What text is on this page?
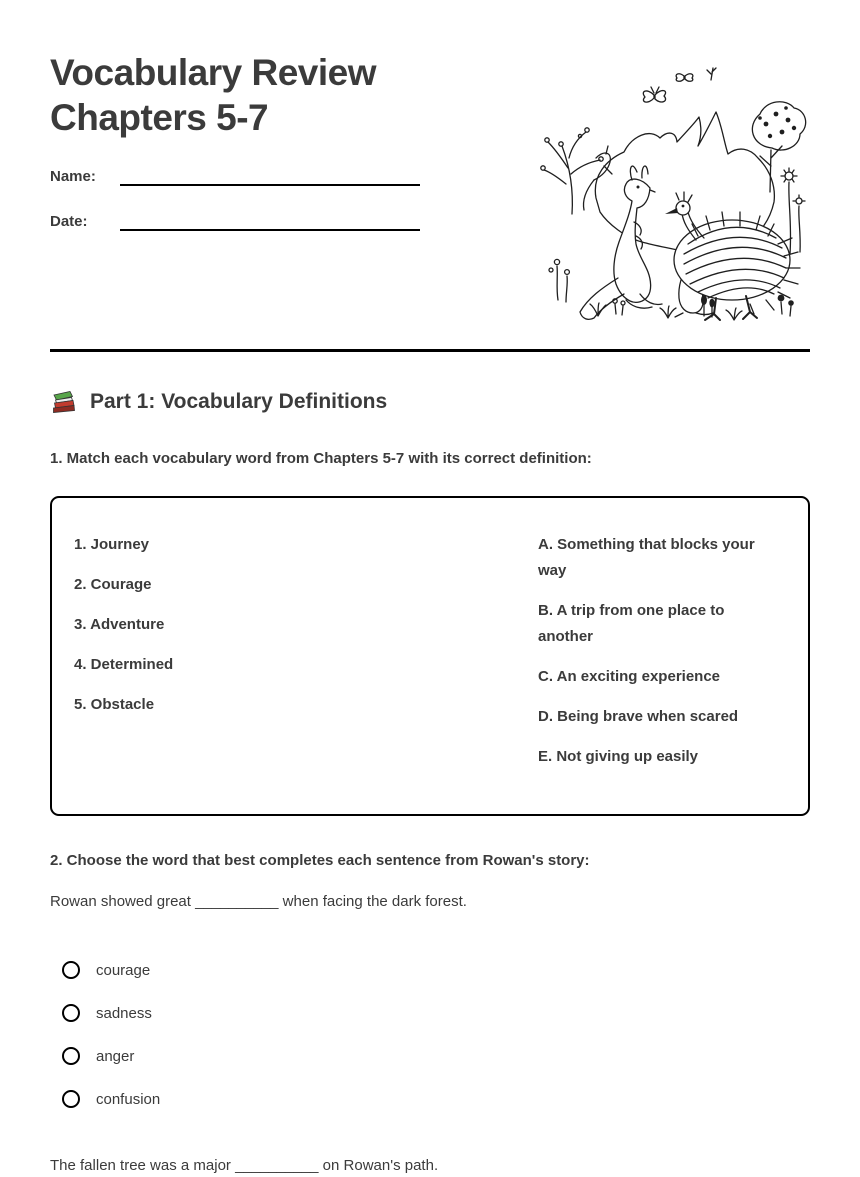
Vocabulary Review
Chapters 5-7
Name:
Date:
Part 1: Vocabulary Definitions
1. Match each vocabulary word from Chapters 5-7 with its correct definition:
1. Journey
2. Courage
3. Adventure
4. Determined
5. Obstacle
A. Something that blocks your way
B. A trip from one place to another
C. An exciting experience
D. Being brave when scared
E. Not giving up easily
2. Choose the word that best completes each sentence from Rowan's story:
Rowan showed great __________ when facing the dark forest.
courage
sadness
anger
confusion
The fallen tree was a major __________ on Rowan's path.
